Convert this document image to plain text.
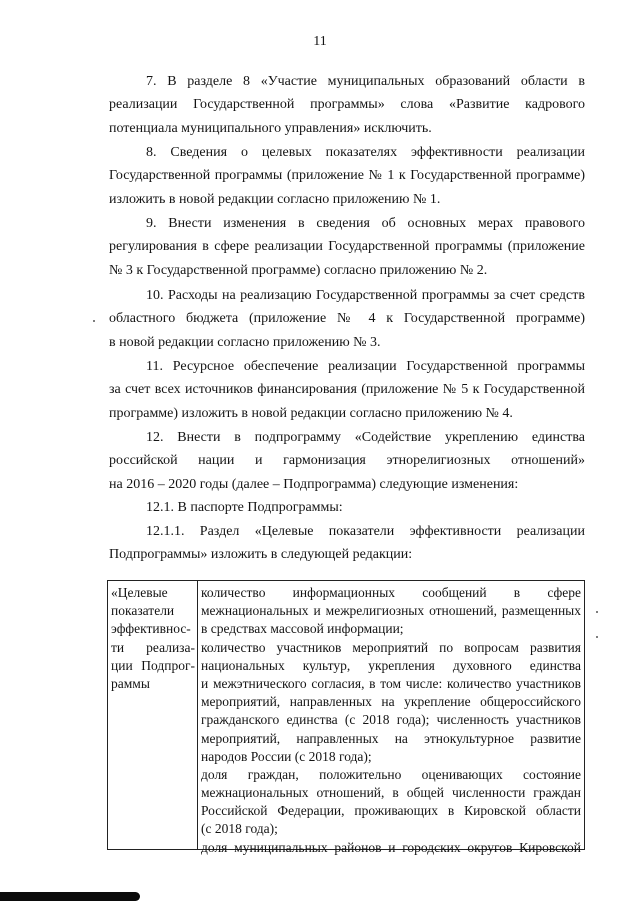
11
7. В разделе 8 «Участие муниципальных образований области в
реализации Государственной программы» слова «Развитие кадрового
потенциала муниципального управления» исключить.
8. Сведения о целевых показателях эффективности реализации
Государственной программы (приложение № 1 к Государственной программе)
изложить в новой редакции согласно приложению № 1.
9. Внести изменения в сведения об основных мерах правового
регулирования в сфере реализации Государственной программы (приложение
№ 3 к Государственной программе) согласно приложению № 2.
10. Расходы на реализацию Государственной программы за счет средств
областного бюджета (приложение № 4 к Государственной программе)
в новой редакции согласно приложению № 3.
11. Ресурсное обеспечение реализации Государственной программы
за счет всех источников финансирования (приложение № 5 к Государственной
программе) изложить в новой редакции согласно приложению № 4.
12. Внести в подпрограмму «Содействие укреплению единства
российской нации и гармонизация этнорелигиозных отношений»
на 2016 – 2020 годы (далее – Подпрограмма) следующие изменения:
12.1. В паспорте Подпрограммы:
12.1.1. Раздел «Целевые показатели эффективности реализации
Подпрограммы» изложить в следующей редакции:
«Целевые
показатели
эффективнос-
ти реализа-
ции Подпрог-
раммы
количество информационных сообщений в сфере
межнациональных и межрелигиозных отношений, размещенных
в средствах массовой информации;
количество участников мероприятий по вопросам развития
национальных культур, укрепления духовного единства
и межэтнического согласия, в том числе: количество участников
мероприятий, направленных на укрепление общероссийского
гражданского единства (с 2018 года); численность участников
мероприятий, направленных на этнокультурное развитие
народов России (с 2018 года);
доля граждан, положительно оценивающих состояние
межнациональных отношений, в общей численности граждан
Российской Федерации, проживающих в Кировской области
(с 2018 года);
доля муниципальных районов и городских округов Кировской
